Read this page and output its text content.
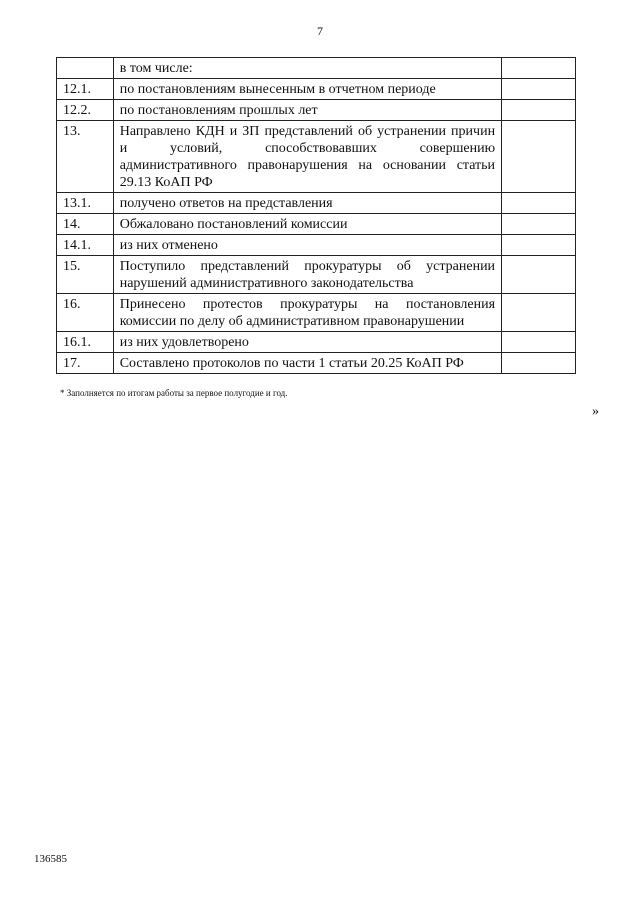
7
	в том числе:	
12.1.	по постановлениям вынесенным в отчетном периоде	
12.2.	по постановлениям прошлых лет	
13.	Направлено КДН и ЗП представлений об устранении причин и условий, способствовавших совершению административного правонарушения на основании статьи 29.13 КоАП РФ	
13.1.	получено ответов на представления	
14.	Обжаловано постановлений комиссии	
14.1.	из них отменено	
15.	Поступило представлений прокуратуры об устранении нарушений административного законодательства	
16.	Принесено протестов прокуратуры на постановления комиссии по делу об административном правонарушении	
16.1.	из них удовлетворено	
17.	Составлено протоколов по части 1 статьи 20.25 КоАП РФ	
* Заполняется по итогам работы за первое полугодие и год.
»
136585
